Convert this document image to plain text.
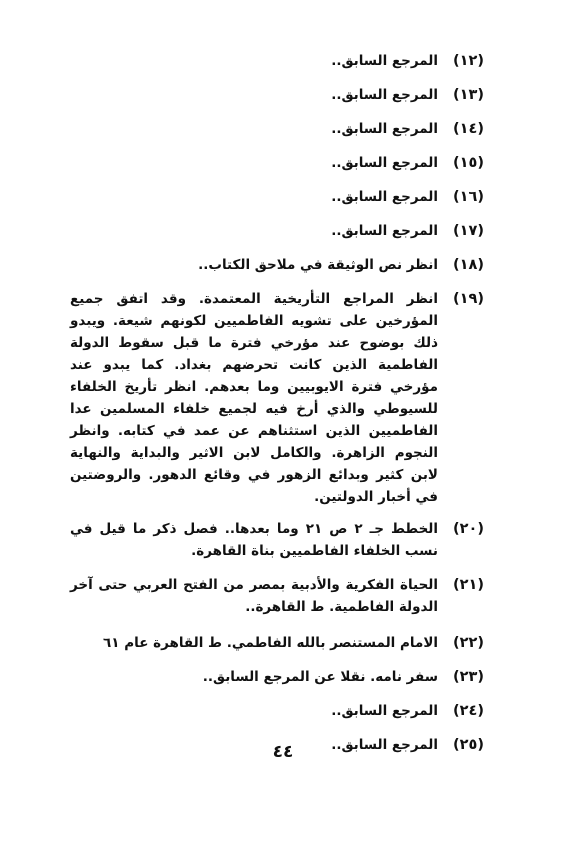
(١٢)
المرجع السابق..
(١٣)
المرجع السابق..
(١٤)
المرجع السابق..
(١٥)
المرجع السابق..
(١٦)
المرجع السابق..
(١٧)
المرجع السابق..
(١٨)
انظر نص الوثيقة في ملاحق الكتاب..
(١٩)
انظر المراجع التأريخية المعتمدة. وقد اتفق جميع المؤرخين على تشويه الفاطميين لكونهم شيعة. ويبدو ذلك بوضوح عند مؤرخي فترة ما قبل سقوط الدولة الفاطمية الذين كانت تحرضهم بغداد. كما يبدو عند مؤرخي فترة الايوبيين وما بعدهم. انظر تأريخ الخلفاء للسيوطي والذي أرخ فيه لجميع خلفاء المسلمين عدا الفاطميين الذين استثناهم عن عمد في كتابه. وانظر النجوم الزاهرة. والكامل لابن الاثير والبداية والنهاية لابن كثير وبدائع الزهور في وقائع الدهور. والروضتين في أخبار الدولتين.
(٢٠)
الخطط جـ ٢ ص ٢١ وما بعدها.. فصل ذكر ما قيل في نسب الخلفاء الفاطميين بناة القاهرة.
(٢١)
الحياة الفكرية والأدبية بمصر من الفتح العربي حتى آخر الدولة الفاطمية. ط القاهرة..
(٢٢)
الامام المستنصر بالله الفاطمي. ط القاهرة عام ٦١
(٢٣)
سفر نامه. نقلا عن المرجع السابق..
(٢٤)
المرجع السابق..
(٢٥)
المرجع السابق..
٤٤
